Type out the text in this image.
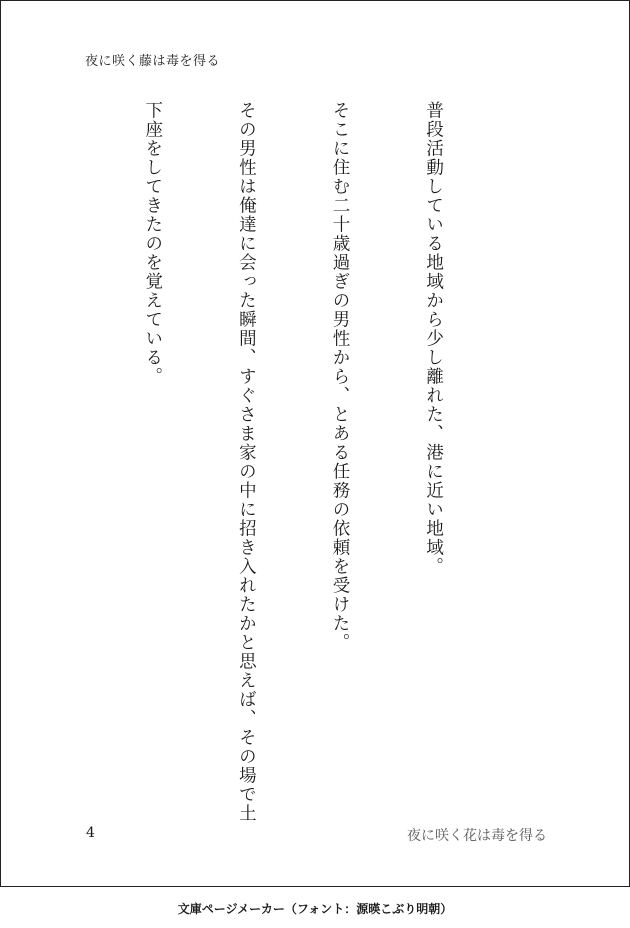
夜に咲く藤は毒を得る

普段活動している地域から少し離れた、港に近い地域。

そこに住む二十歳過ぎの男性から、とある任務の依頼を受けた。

その男性は俺達に会った瞬間、すぐさま家の中に招き入れたかと思えば、その場で土

下座をしてきたのを覚えている。

4	夜に咲く花は毒を得る
文庫ページメーカー（フォント：源暎こぶり明朝）
